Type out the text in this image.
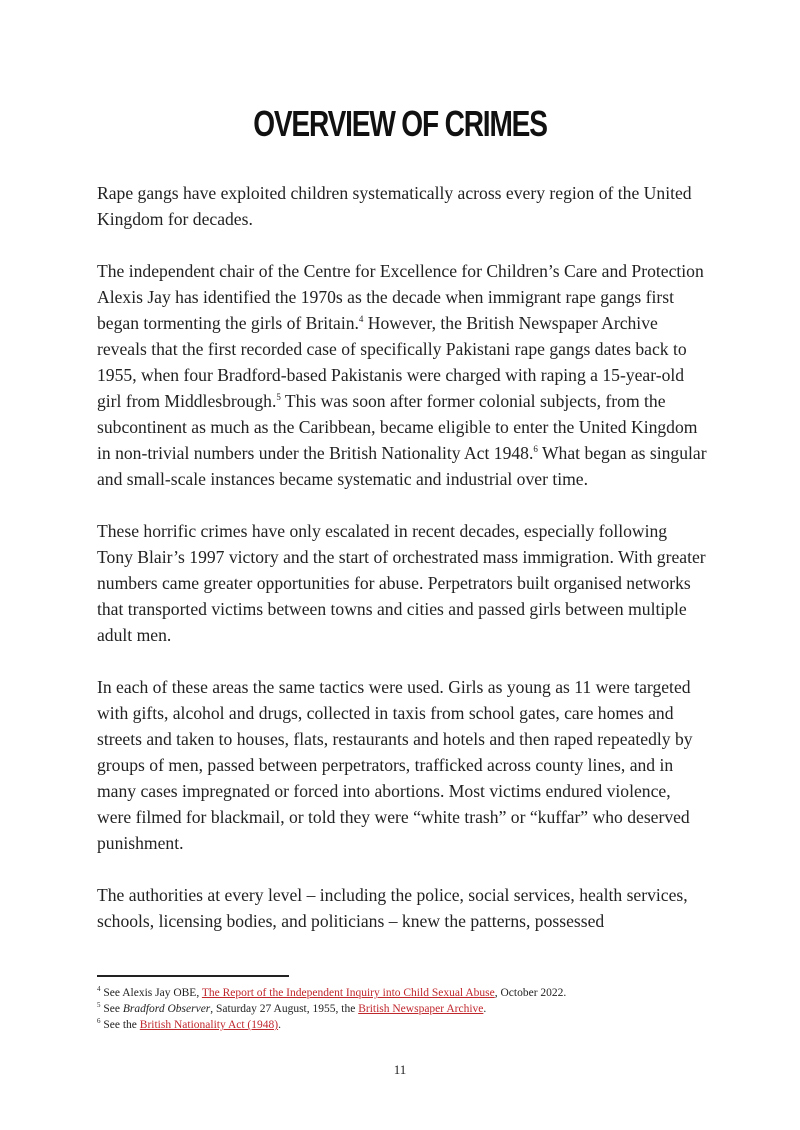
OVERVIEW OF CRIMES

Rape gangs have exploited children systematically across every region of the United Kingdom for decades.

The independent chair of the Centre for Excellence for Children’s Care and Protection Alexis Jay has identified the 1970s as the decade when immigrant rape gangs first began tormenting the girls of Britain.$^4$ However, the British Newspaper Archive reveals that the first recorded case of specifically Pakistani rape gangs dates back to 1955, when four Bradford-based Pakistanis were charged with raping a 15-year-old girl from Middlesbrough.$^5$ This was soon after former colonial subjects, from the subcontinent as much as the Caribbean, became eligible to enter the United Kingdom in non-trivial numbers under the British Nationality Act 1948.$^6$ What began as singular and small-scale instances became systematic and industrial over time.

These horrific crimes have only escalated in recent decades, especially following Tony Blair’s 1997 victory and the start of orchestrated mass immigration. With greater numbers came greater opportunities for abuse. Perpetrators built organised networks that transported victims between towns and cities and passed girls between multiple adult men.

In each of these areas the same tactics were used. Girls as young as 11 were targeted with gifts, alcohol and drugs, collected in taxis from school gates, care homes and streets and taken to houses, flats, restaurants and hotels and then raped repeatedly by groups of men, passed between perpetrators, trafficked across county lines, and in many cases impregnated or forced into abortions. Most victims endured violence, were filmed for blackmail, or told they were “white trash” or “kuffar” who deserved punishment.

The authorities at every level – including the police, social services, health services, schools, licensing bodies, and politicians – knew the patterns, possessed

$^4$ See Alexis Jay OBE, The Report of the Independent Inquiry into Child Sexual Abuse, October 2022.

$^5$ See Bradford Observer, Saturday 27 August, 1955, the British Newspaper Archive.

$^6$ See the British Nationality Act (1948).

11
